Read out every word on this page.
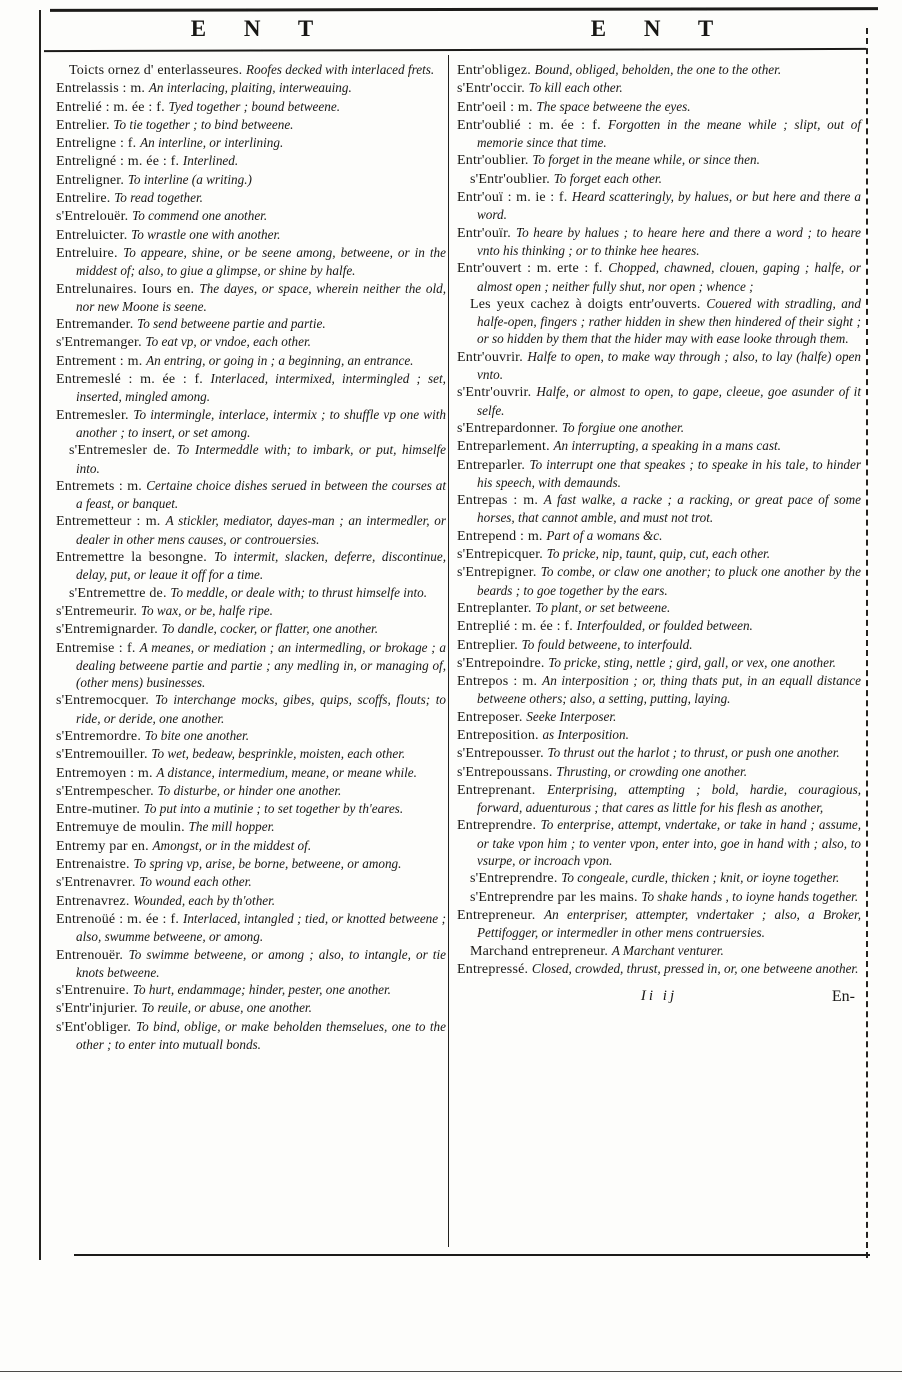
E N T	E N T

Toicts ornez d' enterlasseures. Roofes decked with interlaced frets.

Entrelassis : m. An interlacing, plaiting, interweauing.

Entrelié : m. ée : f. Tyed together ; bound betweene.

Entrelier. To tie together ; to bind betweene.

Entreligne : f. An interline, or interlining.

Entreligné : m. ée : f. Interlined.

Entreligner. To interline (a writing.)

Entrelire. To read together.

s'Entrelouër. To commend one another.

Entreluicter. To wrastle one with another.

Entreluire. To appeare, shine, or be seene among, betweene, or in the middest of; also, to giue a glimpse, or shine by halfe.

Entrelunaires. Iours en. The dayes, or space, wherein neither the old, nor new Moone is seene.

Entremander. To send betweene partie and partie.

s'Entremanger. To eat vp, or vndoe, each other.

Entrement : m. An entring, or going in ; a beginning, an entrance.

Entremeslé : m. ée : f. Interlaced, intermixed, intermingled ; set, inserted, mingled among.

Entremesler. To intermingle, interlace, intermix ; to shuffle vp one with another ; to insert, or set among.

s'Entremesler de. To Intermeddle with; to imbark, or put, himselfe into.

Entremets : m. Certaine choice dishes serued in between the courses at a feast, or banquet.

Entremetteur : m. A stickler, mediator, dayes-man ; an intermedler, or dealer in other mens causes, or controuersies.

Entremettre la besongne. To intermit, slacken, deferre, discontinue, delay, put, or leaue it off for a time.

s'Entremettre de. To meddle, or deale with; to thrust himselfe into.

s'Entremeurir. To wax, or be, halfe ripe.

s'Entremignarder. To dandle, cocker, or flatter, one another.

Entremise : f. A meanes, or mediation ; an intermedling, or brokage ; a dealing betweene partie and partie ; any medling in, or managing of, (other mens) businesses.

s'Entremocquer. To interchange mocks, gibes, quips, scoffs, flouts; to ride, or deride, one another.

s'Entremordre. To bite one another.

s'Entremouiller. To wet, bedeaw, besprinkle, moisten, each other.

Entremoyen : m. A distance, intermedium, meane, or meane while.

s'Entrempescher. To disturbe, or hinder one another.

Entre-mutiner. To put into a mutinie ; to set together by th'eares.

Entremuye de moulin. The mill hopper.

Entremy par en. Amongst, or in the middest of.

Entrenaistre. To spring vp, arise, be borne, betweene, or among.

s'Entrenavrer. To wound each other.

Entrenavrez. Wounded, each by th'other.

Entrenoüé : m. ée : f. Interlaced, intangled ; tied, or knotted betweene ; also, swumme betweene, or among.

Entrenouër. To swimme betweene, or among ; also, to intangle, or tie knots betweene.

s'Entrenuire. To hurt, endammage; hinder, pester, one another.

s'Entr'injurier. To reuile, or abuse, one another.

s'Ent'obliger. To bind, oblige, or make beholden themselues, one to the other ; to enter into mutuall bonds.

Entr'obligez. Bound, obliged, beholden, the one to the other.

s'Entr'occir. To kill each other.

Entr'oeil : m. The space betweene the eyes.

Entr'oublié : m. ée : f. Forgotten in the meane while ; slipt, out of memorie since that time.

Entr'oublier. To forget in the meane while, or since then.

s'Entr'oublier. To forget each other.

Entr'ouï : m. ie : f. Heard scatteringly, by halues, or but here and there a word.

Entr'ouïr. To heare by halues ; to heare here and there a word ; to heare vnto his thinking ; or to thinke hee heares.

Entr'ouvert : m. erte : f. Chopped, chawned, clouen, gaping ; halfe, or almost open ; neither fully shut, nor open ; whence ;

Les yeux cachez à doigts entr'ouverts. Couered with stradling, and halfe-open, fingers ; rather hidden in shew then hindered of their sight ; or so hidden by them that the hider may with ease looke through them.

Entr'ouvrir. Halfe to open, to make way through ; also, to lay (halfe) open vnto.

s'Entr'ouvrir. Halfe, or almost to open, to gape, cleeue, goe asunder of it selfe.

s'Entrepardonner. To forgiue one another.

Entreparlement. An interrupting, a speaking in a mans cast.

Entreparler. To interrupt one that speakes ; to speake in his tale, to hinder his speech, with demaunds.

Entrepas : m. A fast walke, a racke ; a racking, or great pace of some horses, that cannot amble, and must not trot.

Entrepend : m. Part of a womans &c.

s'Entrepicquer. To pricke, nip, taunt, quip, cut, each other.

s'Entrepigner. To combe, or claw one another; to pluck one another by the beards ; to goe together by the ears.

Entreplanter. To plant, or set betweene.

Entreplié : m. ée : f. Interfoulded, or foulded between.

Entreplier. To fould betweene, to interfould.

s'Entrepoindre. To pricke, sting, nettle ; gird, gall, or vex, one another.

Entrepos : m. An interposition ; or, thing thats put, in an equall distance betweene others; also, a setting, putting, laying.

Entreposer. Seeke Interposer.

Entreposition. as Interposition.

s'Entrepousser. To thrust out the harlot ; to thrust, or push one another.

s'Entrepoussans. Thrusting, or crowding one another.

Entreprenant. Enterprising, attempting ; bold, hardie, couragious, forward, aduenturous ; that cares as little for his flesh as another,

Entreprendre. To enterprise, attempt, vndertake, or take in hand ; assume, or take vpon him ; to venter vpon, enter into, goe in hand with ; also, to vsurpe, or incroach vpon.

s'Entreprendre. To congeale, curdle, thicken ; knit, or ioyne together.

s'Entreprendre par les mains. To shake hands , to ioyne hands together.

Entrepreneur. An enterpriser, attempter, vndertaker ; also, a Broker, Pettifogger, or intermedler in other mens contruersies.

Marchand entrepreneur. A Marchant venturer.

Entrepressé. Closed, crowded, thrust, pressed in, or, one betweene another.

Ii ij	En-
